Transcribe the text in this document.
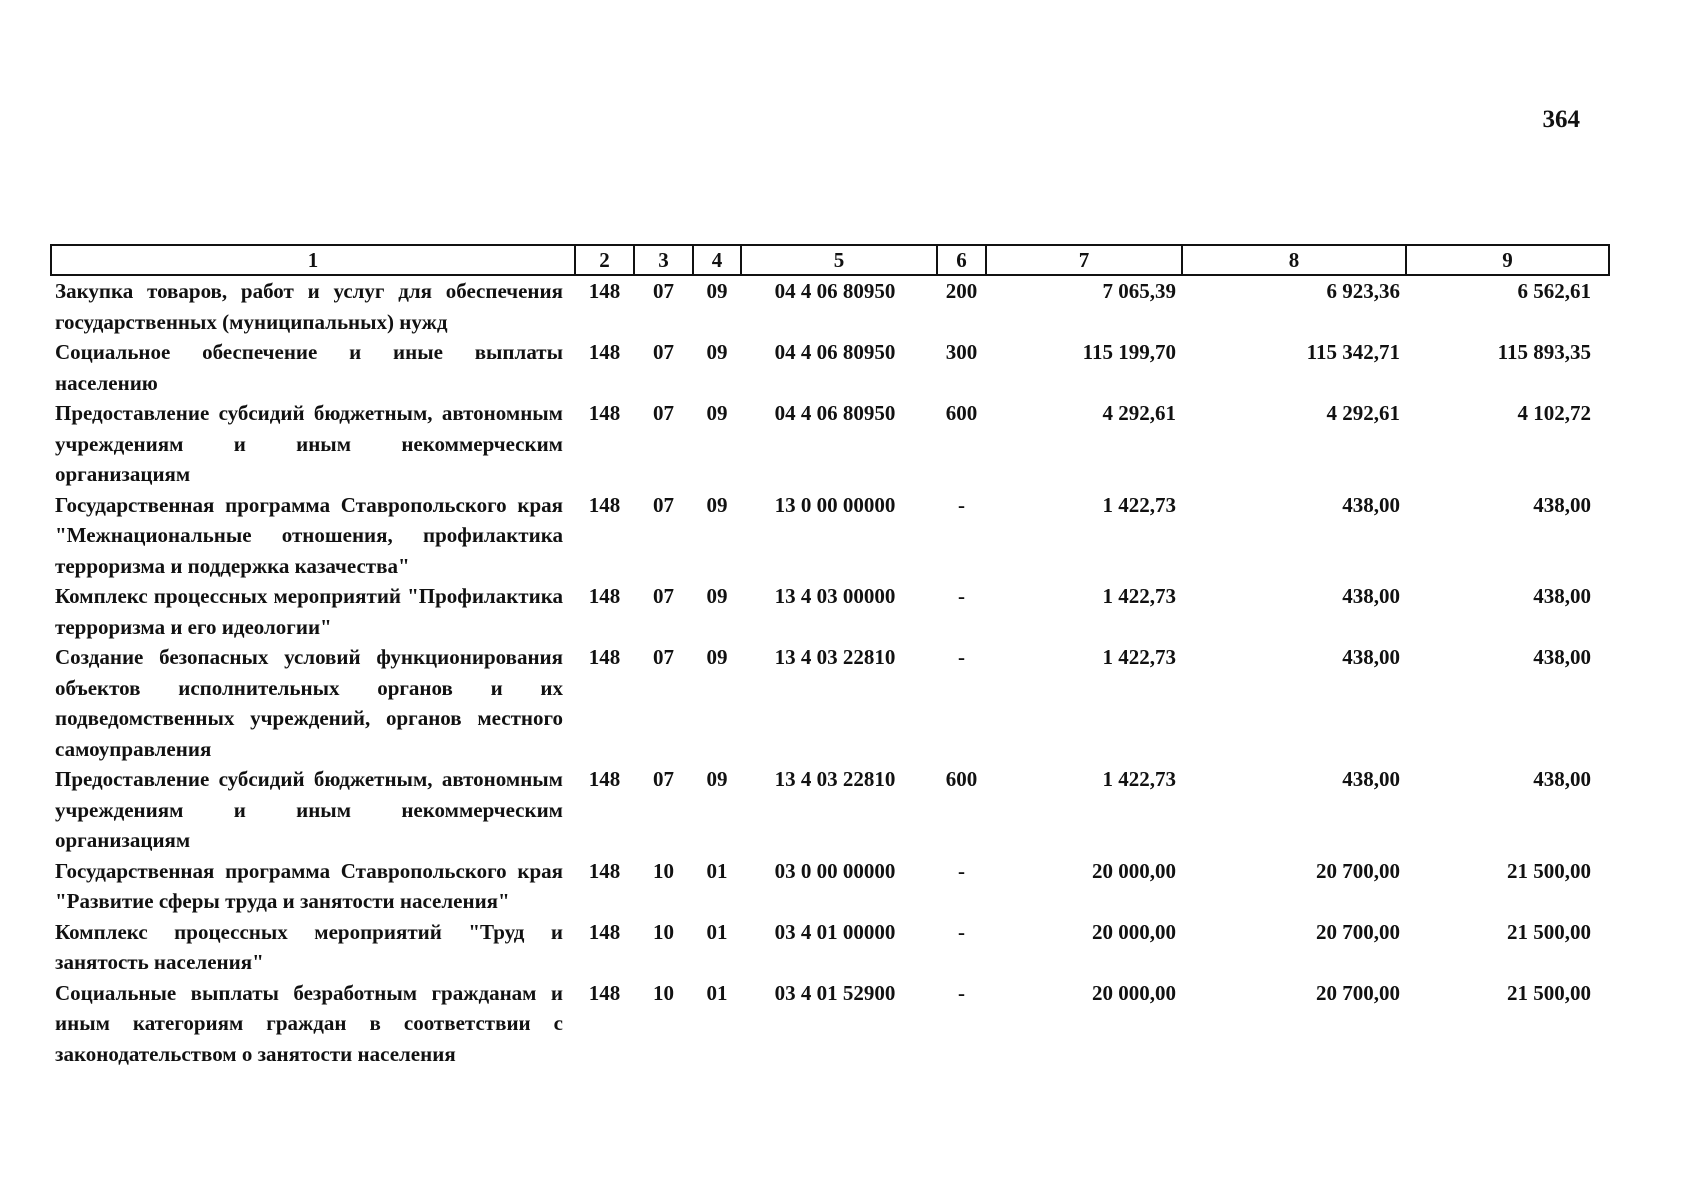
364
1	2	3	4	5	6	7	8	9
Закупка товаров, работ и услуг для обеспечения государственных (муниципальных) нужд	148	07	09	04 4 06 80950	200	7 065,39	6 923,36	6 562,61
Социальное обеспечение и иные выплаты населению	148	07	09	04 4 06 80950	300	115 199,70	115 342,71	115 893,35
Предоставление субсидий бюджетным, автономным учреждениям и иным некоммерческим организациям	148	07	09	04 4 06 80950	600	4 292,61	4 292,61	4 102,72
Государственная программа Ставропольского края "Межнациональные отношения, профилактика терроризма и поддержка казачества"	148	07	09	13 0 00 00000	-	1 422,73	438,00	438,00
Комплекс процессных мероприятий "Профилактика терроризма и его идеологии"	148	07	09	13 4 03 00000	-	1 422,73	438,00	438,00
Создание безопасных условий функционирования объектов исполнительных органов и их подведомственных учреждений, органов местного самоуправления	148	07	09	13 4 03 22810	-	1 422,73	438,00	438,00
Предоставление субсидий бюджетным, автономным учреждениям и иным некоммерческим организациям	148	07	09	13 4 03 22810	600	1 422,73	438,00	438,00
Государственная программа Ставропольского края "Развитие сферы труда и занятости населения"	148	10	01	03 0 00 00000	-	20 000,00	20 700,00	21 500,00
Комплекс процессных мероприятий "Труд и занятость населения"	148	10	01	03 4 01 00000	-	20 000,00	20 700,00	21 500,00
Социальные выплаты безработным гражданам и иным категориям граждан в соответствии с законодательством о занятости населения	148	10	01	03 4 01 52900	-	20 000,00	20 700,00	21 500,00
